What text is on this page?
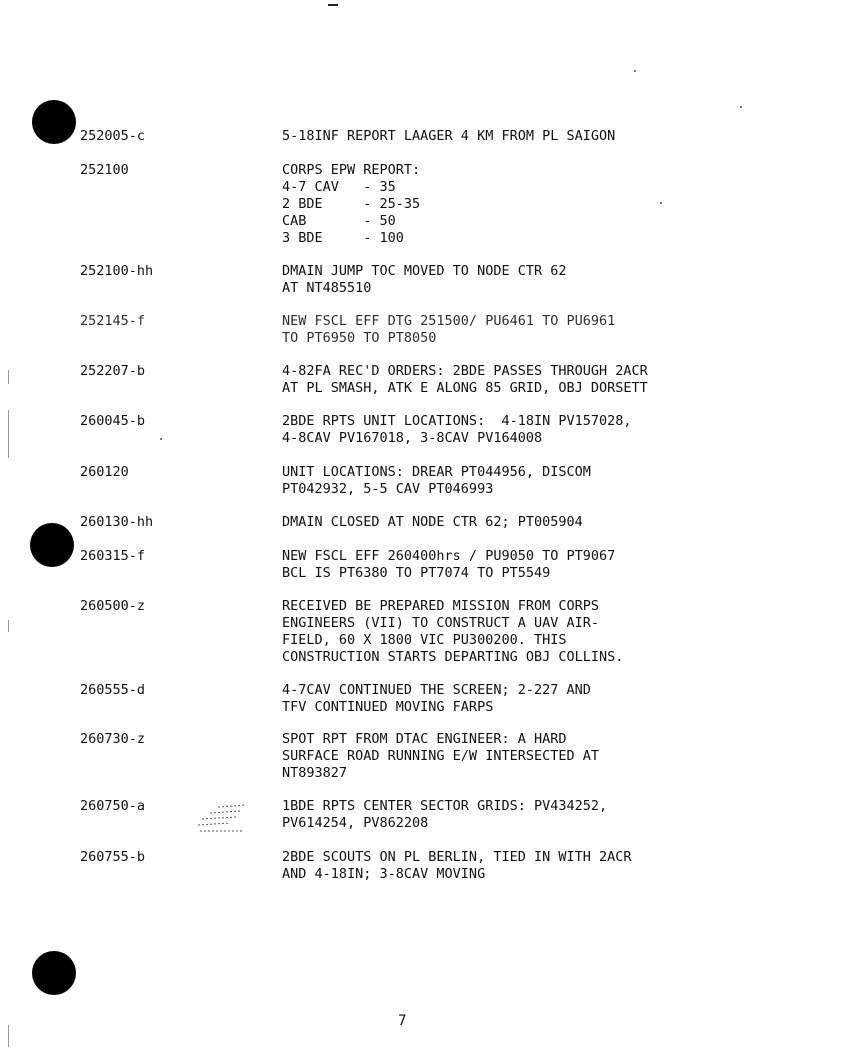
252005-c	5-18INF REPORT LAAGER 4 KM FROM PL SAIGON
252100	CORPS EPW REPORT:
4-7 CAV   - 35
2 BDE     - 25-35
CAB       - 50
3 BDE     - 100
252100-hh	DMAIN JUMP TOC MOVED TO NODE CTR 62
AT NT485510
252145-f	NEW FSCL EFF DTG 251500/ PU6461 TO PU6961
TO PT6950 TO PT8050
252207-b	4-82FA REC'D ORDERS: 2BDE PASSES THROUGH 2ACR
AT PL SMASH, ATK E ALONG 85 GRID, OBJ DORSETT
260045-b	2BDE RPTS UNIT LOCATIONS:  4-18IN PV157028,
4-8CAV PV167018, 3-8CAV PV164008
260120	UNIT LOCATIONS: DREAR PT044956, DISCOM
PT042932, 5-5 CAV PT046993
260130-hh	DMAIN CLOSED AT NODE CTR 62; PT005904
260315-f	NEW FSCL EFF 260400hrs / PU9050 TO PT9067
BCL IS PT6380 TO PT7074 TO PT5549
260500-z	RECEIVED BE PREPARED MISSION FROM CORPS
ENGINEERS (VII) TO CONSTRUCT A UAV AIR-
FIELD, 60 X 1800 VIC PU300200. THIS
CONSTRUCTION STARTS DEPARTING OBJ COLLINS.
260555-d	4-7CAV CONTINUED THE SCREEN; 2-227 AND
TFV CONTINUED MOVING FARPS
260730-z	SPOT RPT FROM DTAC ENGINEER: A HARD
SURFACE ROAD RUNNING E/W INTERSECTED AT
NT893827
260750-a	1BDE RPTS CENTER SECTOR GRIDS: PV434252,
PV614254, PV862208
260755-b	2BDE SCOUTS ON PL BERLIN, TIED IN WITH 2ACR
AND 4-18IN; 3-8CAV MOVING
7
